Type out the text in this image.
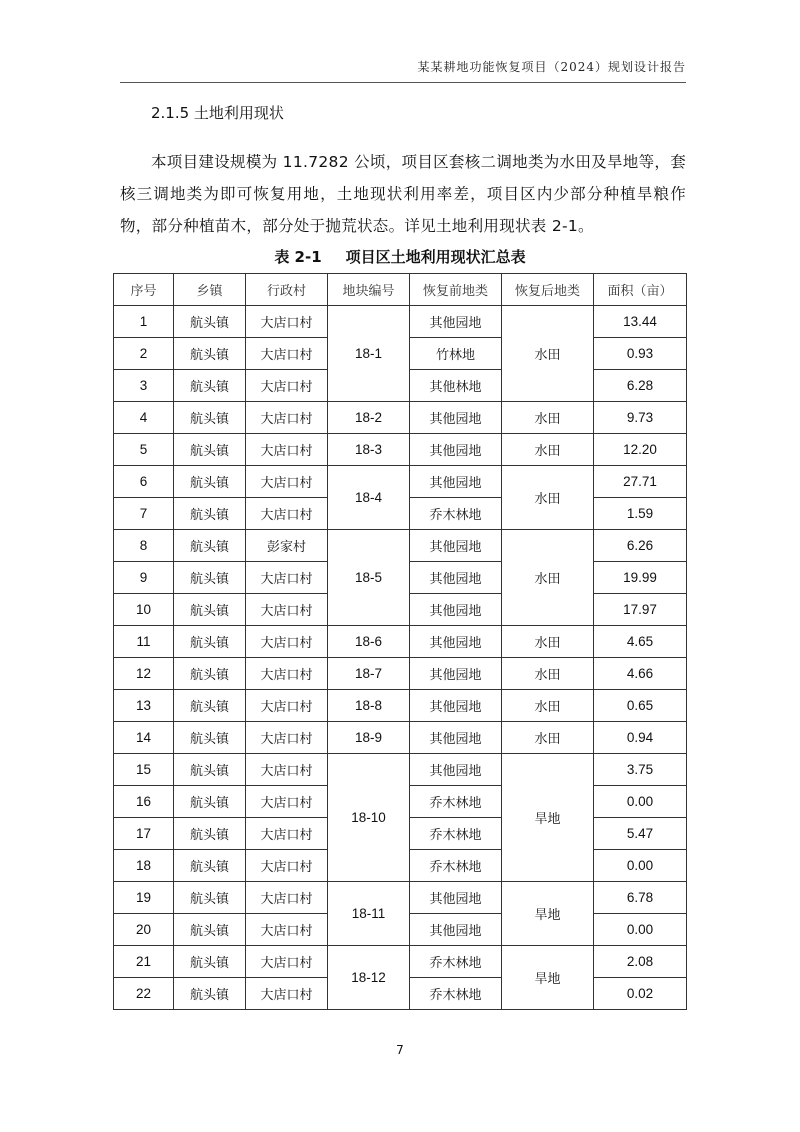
某某耕地功能恢复项目（2024）规划设计报告
2.1.5 土地利用现状
本项目建设规模为 11.7282 公顷，项目区套核二调地类为水田及旱地等，套核三调地类为即可恢复用地，土地现状利用率差，项目区内少部分种植旱粮作物，部分种植苗木，部分处于抛荒状态。详见土地利用现状表 2-1。
表 2-1 项目区土地利用现状汇总表
序号	乡镇	行政村	地块编号	恢复前地类	恢复后地类	面积（亩）
1	航头镇	大店口村	18-1	其他园地	水田	13.44
2	航头镇	大店口村		竹林地		0.93
3	航头镇	大店口村		其他林地		6.28
4	航头镇	大店口村	18-2	其他园地	水田	9.73
5	航头镇	大店口村	18-3	其他园地	水田	12.20
6	航头镇	大店口村	18-4	其他园地	水田	27.71
7	航头镇	大店口村		乔木林地		1.59
8	航头镇	彭家村	18-5	其他园地	水田	6.26
9	航头镇	大店口村		其他园地		19.99
10	航头镇	大店口村		其他园地		17.97
11	航头镇	大店口村	18-6	其他园地	水田	4.65
12	航头镇	大店口村	18-7	其他园地	水田	4.66
13	航头镇	大店口村	18-8	其他园地	水田	0.65
14	航头镇	大店口村	18-9	其他园地	水田	0.94
15	航头镇	大店口村	18-10	其他园地	旱地	3.75
16	航头镇	大店口村		乔木林地		0.00
17	航头镇	大店口村		乔木林地		5.47
18	航头镇	大店口村		乔木林地		0.00
19	航头镇	大店口村	18-11	其他园地	旱地	6.78
20	航头镇	大店口村		其他园地		0.00
21	航头镇	大店口村	18-12	乔木林地	旱地	2.08
22	航头镇	大店口村		乔木林地		0.02
7
